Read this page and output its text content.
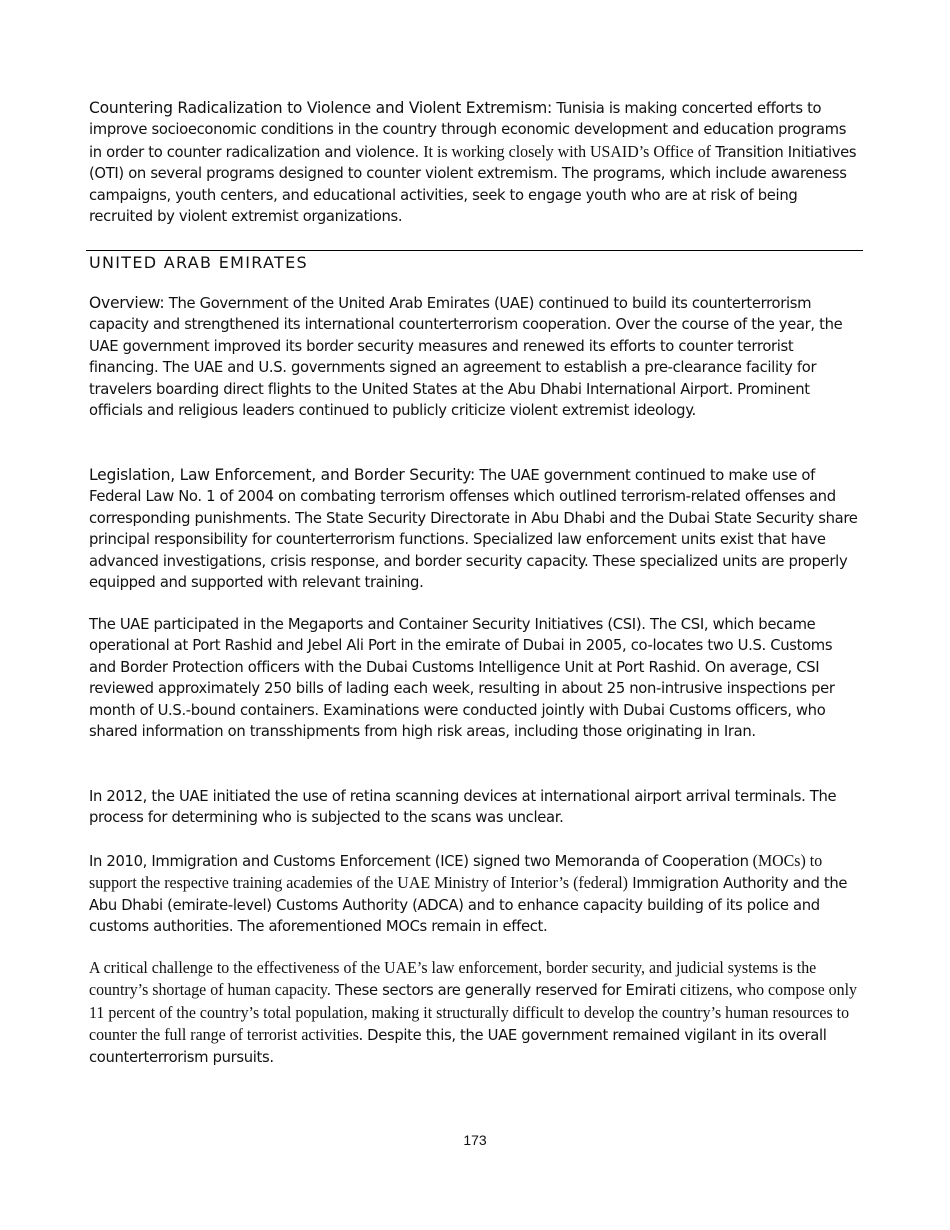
Countering Radicalization to Violence and Violent Extremism: Tunisia is making concerted efforts to improve socioeconomic conditions in the country through economic development and education programs in order to counter radicalization and violence. It is working closely with USAID’s Office of Transition Initiatives (OTI) on several programs designed to counter violent extremism. The programs, which include awareness campaigns, youth centers, and educational activities, seek to engage youth who are at risk of being recruited by violent extremist organizations.

UNITED ARAB EMIRATES

Overview: The Government of the United Arab Emirates (UAE) continued to build its counterterrorism capacity and strengthened its international counterterrorism cooperation. Over the course of the year, the UAE government improved its border security measures and renewed its efforts to counter terrorist financing. The UAE and U.S. governments signed an agreement to establish a pre-clearance facility for travelers boarding direct flights to the United States at the Abu Dhabi International Airport. Prominent officials and religious leaders continued to publicly criticize violent extremist ideology.

Legislation, Law Enforcement, and Border Security: The UAE government continued to make use of Federal Law No. 1 of 2004 on combating terrorism offenses which outlined terrorism-related offenses and corresponding punishments. The State Security Directorate in Abu Dhabi and the Dubai State Security share principal responsibility for counterterrorism functions. Specialized law enforcement units exist that have advanced investigations, crisis response, and border security capacity. These specialized units are properly equipped and supported with relevant training.

The UAE participated in the Megaports and Container Security Initiatives (CSI). The CSI, which became operational at Port Rashid and Jebel Ali Port in the emirate of Dubai in 2005, co-locates two U.S. Customs and Border Protection officers with the Dubai Customs Intelligence Unit at Port Rashid. On average, CSI reviewed approximately 250 bills of lading each week, resulting in about 25 non-intrusive inspections per month of U.S.-bound containers. Examinations were conducted jointly with Dubai Customs officers, who shared information on transshipments from high risk areas, including those originating in Iran.

In 2012, the UAE initiated the use of retina scanning devices at international airport arrival terminals. The process for determining who is subjected to the scans was unclear.

In 2010, Immigration and Customs Enforcement (ICE) signed two Memoranda of Cooperation (MOCs) to support the respective training academies of the UAE Ministry of Interior’s (federal) Immigration Authority and the Abu Dhabi (emirate-level) Customs Authority (ADCA) and to enhance capacity building of its police and customs authorities. The aforementioned MOCs remain in effect.

A critical challenge to the effectiveness of the UAE’s law enforcement, border security, and judicial systems is the country’s shortage of human capacity. These sectors are generally reserved for Emirati citizens, who compose only 11 percent of the country’s total population, making it structurally difficult to develop the country’s human resources to counter the full range of terrorist activities. Despite this, the UAE government remained vigilant in its overall counterterrorism pursuits.

173
